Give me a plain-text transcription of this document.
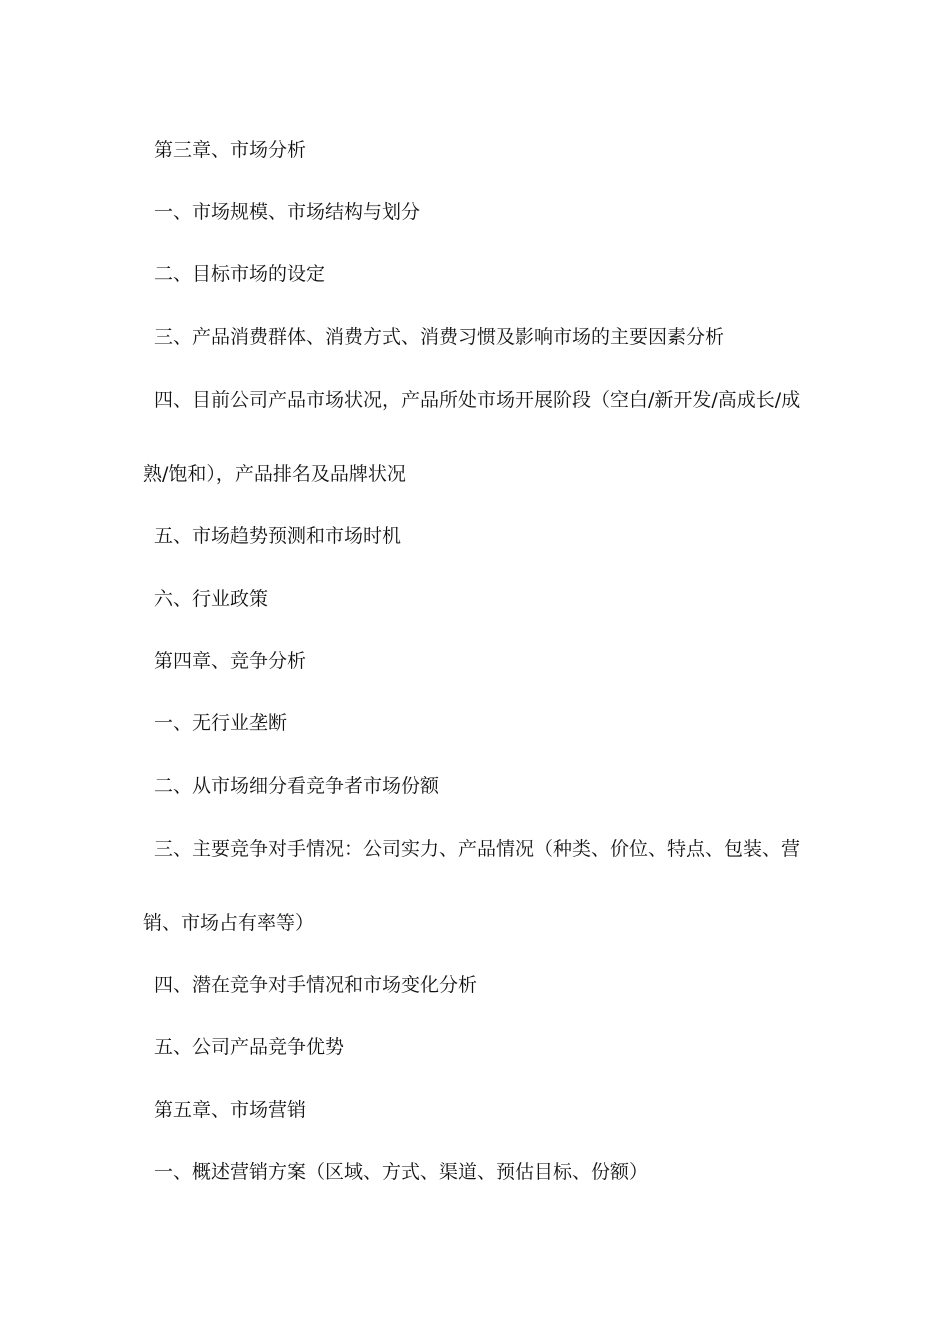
第三章、市场分析
一、市场规模、市场结构与划分
二、目标市场的设定
三、产品消费群体、消费方式、消费习惯及影响市场的主要因素分析
四、目前公司产品市场状况，产品所处市场开展阶段（空白/新开发/高成长/成
熟/饱和），产品排名及品牌状况
五、市场趋势预测和市场时机
六、行业政策
第四章、竞争分析
一、无行业垄断
二、从市场细分看竞争者市场份额
三、主要竞争对手情况：公司实力、产品情况（种类、价位、特点、包装、营
销、市场占有率等）
四、潜在竞争对手情况和市场变化分析
五、公司产品竞争优势
第五章、市场营销
一、概述营销方案（区域、方式、渠道、预估目标、份额）
